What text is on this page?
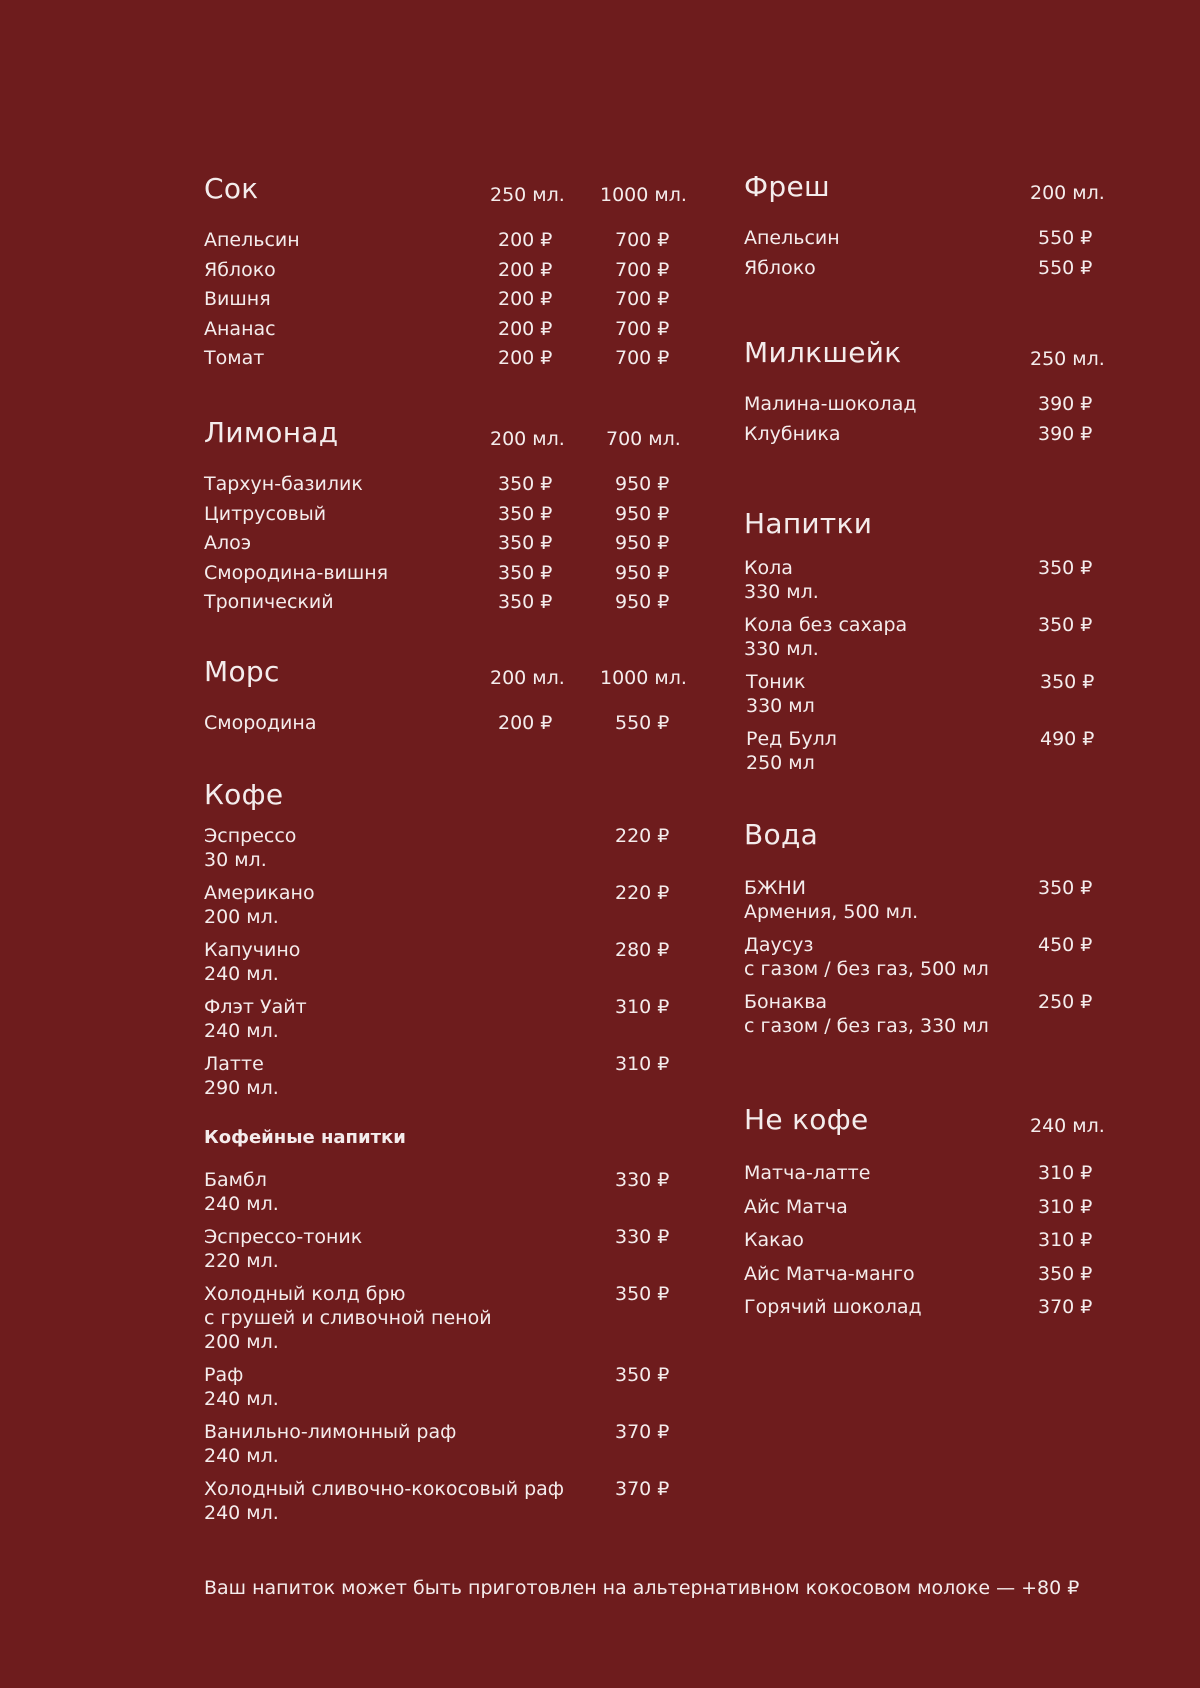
Сок	250 мл. 1000 мл.
Апельсин	200 ₽	700 ₽
Яблоко	200 ₽	700 ₽
Вишня	200 ₽	700 ₽
Ананас	200 ₽	700 ₽
Томат	200 ₽	700 ₽
Лимонад	200 мл. 700 мл.
Тархун-базилик	350 ₽	950 ₽
Цитрусовый	350 ₽	950 ₽
Алоэ	350 ₽	950 ₽
Смородина-вишня	350 ₽	950 ₽
Тропический	350 ₽	950 ₽
Морс	200 мл. 1000 мл.
Смородина	200 ₽	550 ₽
Кофе
Эспрессо
30 мл.
220 ₽
Американо
200 мл.
220 ₽
Капучино
240 мл.
280 ₽
Флэт Уайт
240 мл.
310 ₽
Латте
290 мл.
310 ₽
Кофейные напитки
Бамбл
240 мл.
330 ₽
Эспрессо-тоник
220 мл.
330 ₽
Холодный колд брю
с грушей и сливочной пеной
200 мл.
350 ₽
Раф
240 мл.
350 ₽
Ванильно-лимонный раф
240 мл.
370 ₽
Холодный сливочно-кокосовый раф
240 мл.
370 ₽
Фреш	200 мл.
Апельсин	550 ₽
Яблоко	550 ₽
Милкшейк	250 мл.
Малина-шоколад	390 ₽
Клубника	390 ₽
Напитки
Кола
330 мл.
350 ₽
Кола без сахара
330 мл.
350 ₽
Тоник
330 мл
350 ₽
Ред Булл
250 мл
490 ₽
Вода
БЖНИ
Армения, 500 мл.
350 ₽
Даусуз
с газом / без газ, 500 мл
450 ₽
Бонаква
с газом / без газ, 330 мл
250 ₽
Не кофе	240 мл.
Матча-латте	310 ₽
Айс Матча	310 ₽
Какао	310 ₽
Айс Матча-манго	350 ₽
Горячий шоколад	370 ₽
Ваш напиток может быть приготовлен на альтернативном кокосовом молоке — +80 ₽
